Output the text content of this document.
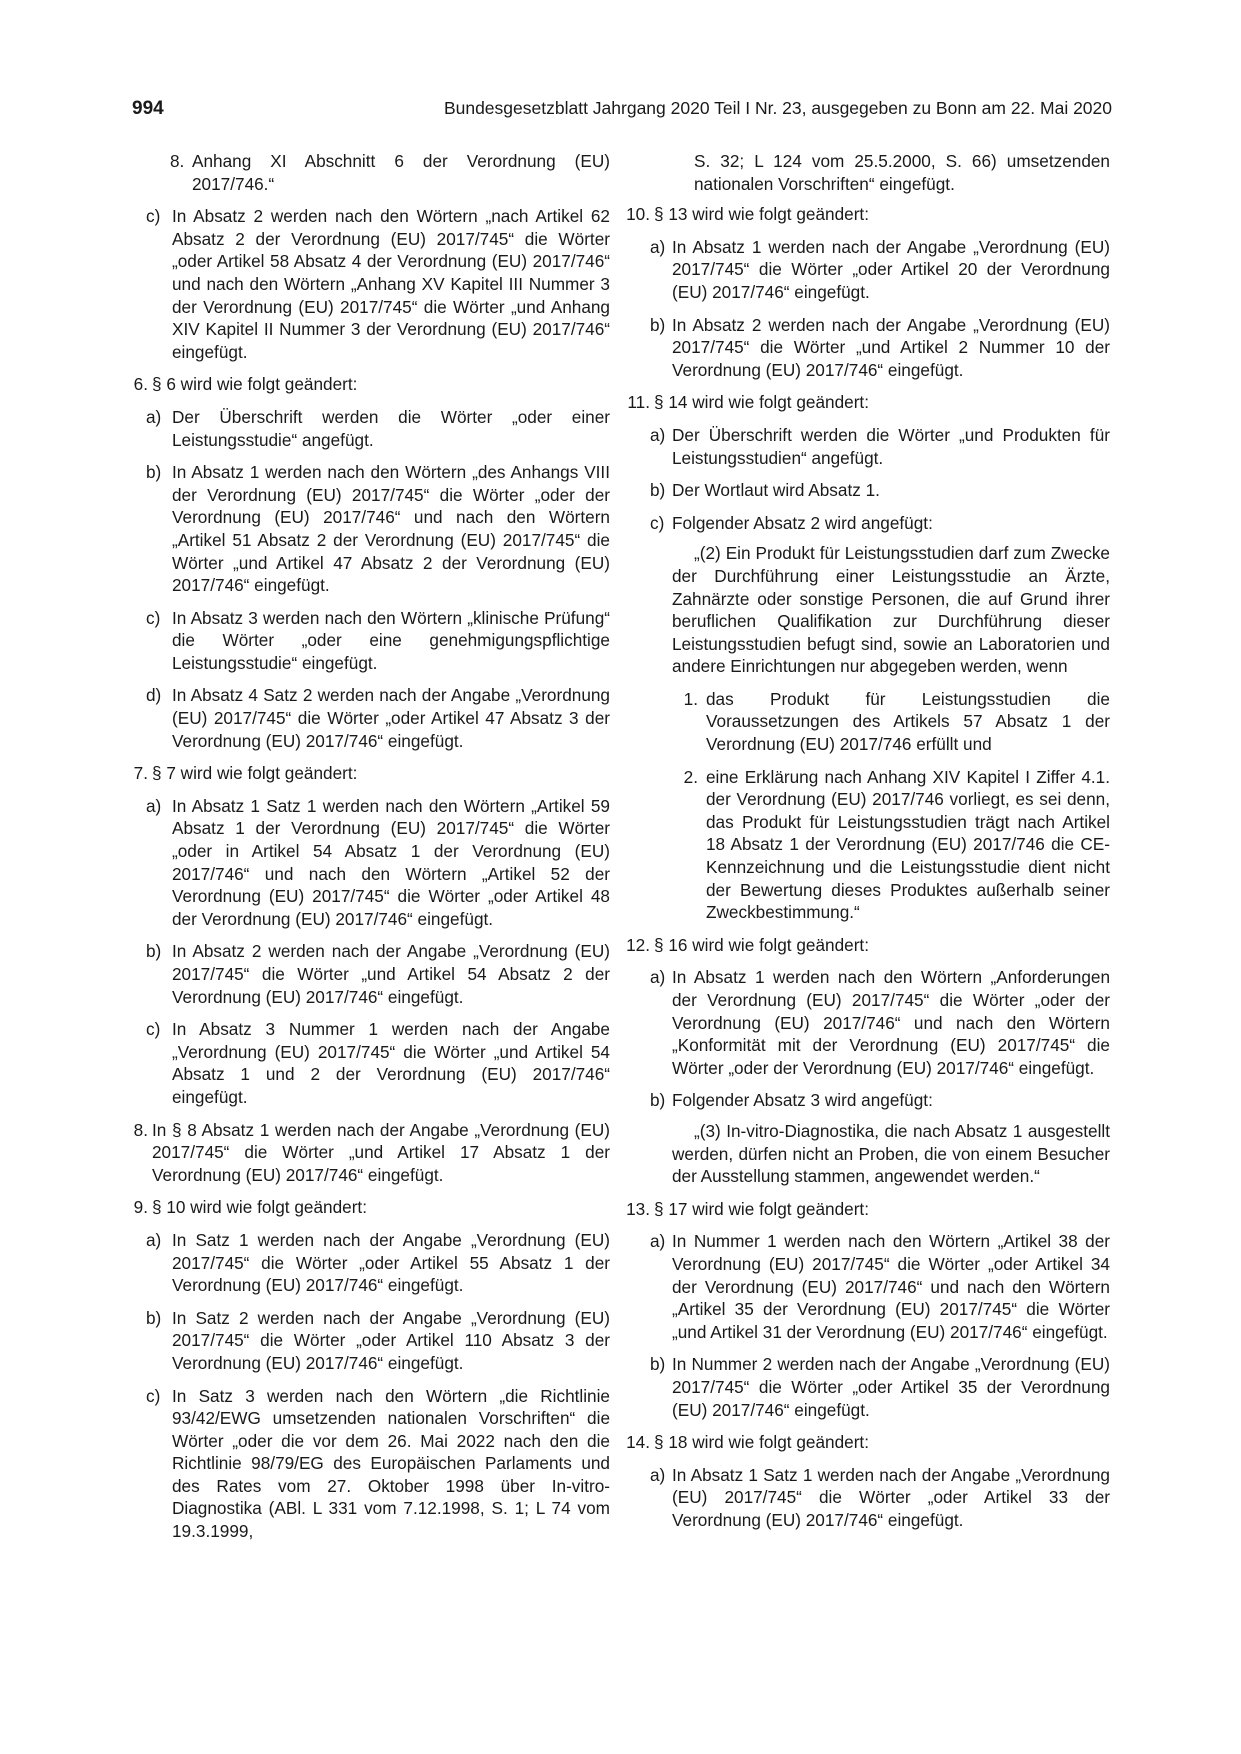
994	Bundesgesetzblatt Jahrgang 2020 Teil I Nr. 23, ausgegeben zu Bonn am 22. Mai 2020
8. Anhang XI Abschnitt 6 der Verordnung (EU) 2017/746.“
c) In Absatz 2 werden nach den Wörtern „nach Artikel 62 Absatz 2 der Verordnung (EU) 2017/745“ die Wörter „oder Artikel 58 Absatz 4 der Verordnung (EU) 2017/746“ und nach den Wörtern „Anhang XV Kapitel III Nummer 3 der Verordnung (EU) 2017/745“ die Wörter „und Anhang XIV Kapitel II Nummer 3 der Verordnung (EU) 2017/746“ eingefügt.
6. § 6 wird wie folgt geändert:
a) Der Überschrift werden die Wörter „oder einer Leistungsstudie“ angefügt.
b) In Absatz 1 werden nach den Wörtern „des Anhangs VIII der Verordnung (EU) 2017/745“ die Wörter „oder der Verordnung (EU) 2017/746“ und nach den Wörtern „Artikel 51 Absatz 2 der Verordnung (EU) 2017/745“ die Wörter „und Artikel 47 Absatz 2 der Verordnung (EU) 2017/746“ eingefügt.
c) In Absatz 3 werden nach den Wörtern „klinische Prüfung“ die Wörter „oder eine genehmigungspflichtige Leistungsstudie“ eingefügt.
d) In Absatz 4 Satz 2 werden nach der Angabe „Verordnung (EU) 2017/745“ die Wörter „oder Artikel 47 Absatz 3 der Verordnung (EU) 2017/746“ eingefügt.
7. § 7 wird wie folgt geändert:
a) In Absatz 1 Satz 1 werden nach den Wörtern „Artikel 59 Absatz 1 der Verordnung (EU) 2017/745“ die Wörter „oder in Artikel 54 Absatz 1 der Verordnung (EU) 2017/746“ und nach den Wörtern „Artikel 52 der Verordnung (EU) 2017/745“ die Wörter „oder Artikel 48 der Verordnung (EU) 2017/746“ eingefügt.
b) In Absatz 2 werden nach der Angabe „Verordnung (EU) 2017/745“ die Wörter „und Artikel 54 Absatz 2 der Verordnung (EU) 2017/746“ eingefügt.
c) In Absatz 3 Nummer 1 werden nach der Angabe „Verordnung (EU) 2017/745“ die Wörter „und Artikel 54 Absatz 1 und 2 der Verordnung (EU) 2017/746“ eingefügt.
8. In § 8 Absatz 1 werden nach der Angabe „Verordnung (EU) 2017/745“ die Wörter „und Artikel 17 Absatz 1 der Verordnung (EU) 2017/746“ eingefügt.
9. § 10 wird wie folgt geändert:
a) In Satz 1 werden nach der Angabe „Verordnung (EU) 2017/745“ die Wörter „oder Artikel 55 Absatz 1 der Verordnung (EU) 2017/746“ eingefügt.
b) In Satz 2 werden nach der Angabe „Verordnung (EU) 2017/745“ die Wörter „oder Artikel 110 Absatz 3 der Verordnung (EU) 2017/746“ eingefügt.
c) In Satz 3 werden nach den Wörtern „die Richtlinie 93/42/EWG umsetzenden nationalen Vorschriften“ die Wörter „oder die vor dem 26. Mai 2022 nach den die Richtlinie 98/79/EG des Europäischen Parlaments und des Rates vom 27. Oktober 1998 über In-vitro-Diagnostika (ABl. L 331 vom 7.12.1998, S. 1; L 74 vom 19.3.1999,
S. 32; L 124 vom 25.5.2000, S. 66) umsetzenden nationalen Vorschriften“ eingefügt.
10. § 13 wird wie folgt geändert:
a) In Absatz 1 werden nach der Angabe „Verordnung (EU) 2017/745“ die Wörter „oder Artikel 20 der Verordnung (EU) 2017/746“ eingefügt.
b) In Absatz 2 werden nach der Angabe „Verordnung (EU) 2017/745“ die Wörter „und Artikel 2 Nummer 10 der Verordnung (EU) 2017/746“ eingefügt.
11. § 14 wird wie folgt geändert:
a) Der Überschrift werden die Wörter „und Produkten für Leistungsstudien“ angefügt.
b) Der Wortlaut wird Absatz 1.
c) Folgender Absatz 2 wird angefügt:
„(2) Ein Produkt für Leistungsstudien darf zum Zwecke der Durchführung einer Leistungsstudie an Ärzte, Zahnärzte oder sonstige Personen, die auf Grund ihrer beruflichen Qualifikation zur Durchführung dieser Leistungsstudien befugt sind, sowie an Laboratorien und andere Einrichtungen nur abgegeben werden, wenn
1. das Produkt für Leistungsstudien die Voraussetzungen des Artikels 57 Absatz 1 der Verordnung (EU) 2017/746 erfüllt und
2. eine Erklärung nach Anhang XIV Kapitel I Ziffer 4.1. der Verordnung (EU) 2017/746 vorliegt, es sei denn, das Produkt für Leistungsstudien trägt nach Artikel 18 Absatz 1 der Verordnung (EU) 2017/746 die CE-Kennzeichnung und die Leistungsstudie dient nicht der Bewertung dieses Produktes außerhalb seiner Zweckbestimmung.“
12. § 16 wird wie folgt geändert:
a) In Absatz 1 werden nach den Wörtern „Anforderungen der Verordnung (EU) 2017/745“ die Wörter „oder der Verordnung (EU) 2017/746“ und nach den Wörtern „Konformität mit der Verordnung (EU) 2017/745“ die Wörter „oder der Verordnung (EU) 2017/746“ eingefügt.
b) Folgender Absatz 3 wird angefügt:
„(3) In-vitro-Diagnostika, die nach Absatz 1 ausgestellt werden, dürfen nicht an Proben, die von einem Besucher der Ausstellung stammen, angewendet werden.“
13. § 17 wird wie folgt geändert:
a) In Nummer 1 werden nach den Wörtern „Artikel 38 der Verordnung (EU) 2017/745“ die Wörter „oder Artikel 34 der Verordnung (EU) 2017/746“ und nach den Wörtern „Artikel 35 der Verordnung (EU) 2017/745“ die Wörter „und Artikel 31 der Verordnung (EU) 2017/746“ eingefügt.
b) In Nummer 2 werden nach der Angabe „Verordnung (EU) 2017/745“ die Wörter „oder Artikel 35 der Verordnung (EU) 2017/746“ eingefügt.
14. § 18 wird wie folgt geändert:
a) In Absatz 1 Satz 1 werden nach der Angabe „Verordnung (EU) 2017/745“ die Wörter „oder Artikel 33 der Verordnung (EU) 2017/746“ eingefügt.
